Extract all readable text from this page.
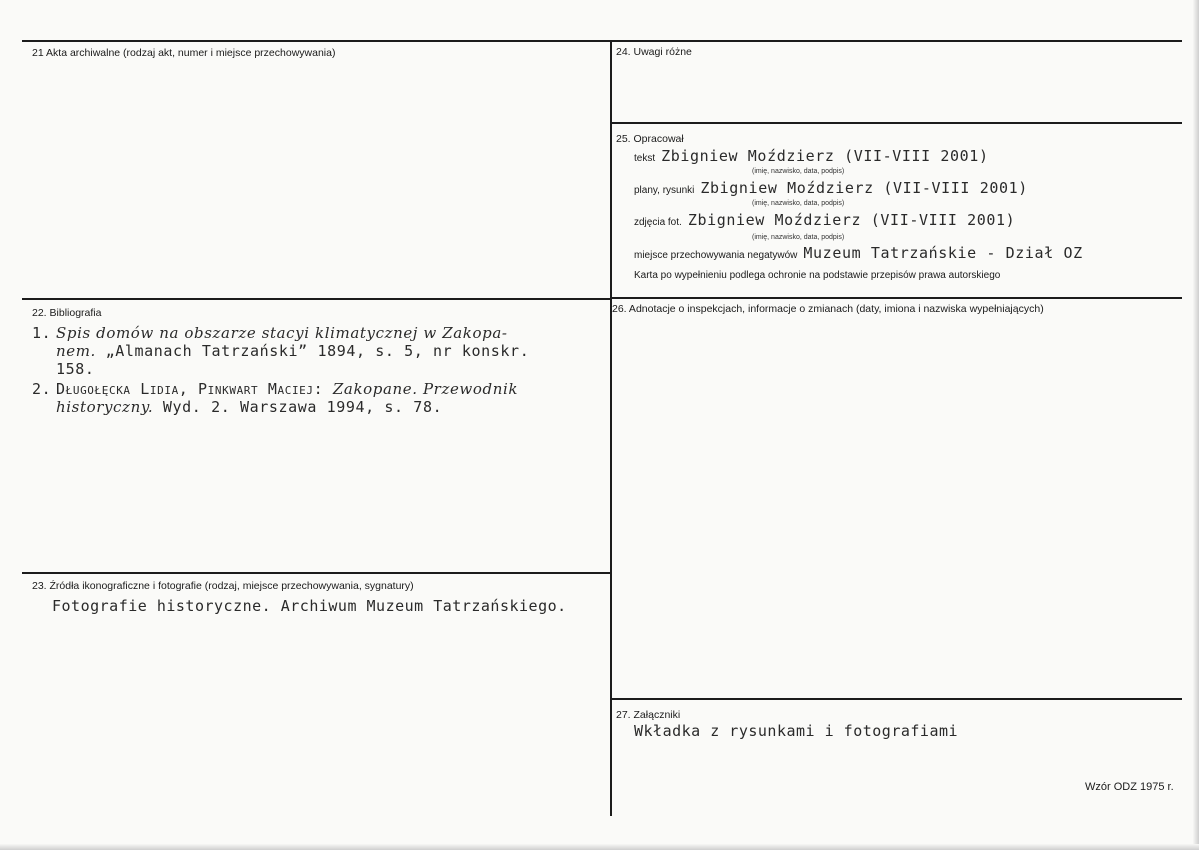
21 Akta archiwalne (rodzaj akt, numer i miejsce przechowywania)
22. Bibliografia
1. Spis domów na obszarze stacyi klimatycznej w Zakopa-
nem. „Almanach Tatrzański” 1894, s. 5, nr konskr.
158.
2. Długołęcka Lidia, Pinkwart Maciej: Zakopane. Przewodnik
historyczny. Wyd. 2. Warszawa 1994, s. 78.
23. Źródła ikonograficzne i fotografie (rodzaj, miejsce przechowywania, sygnatury)
Fotografie historyczne. Archiwum Muzeum Tatrzańskiego.
24. Uwagi różne
25. Opracował
tekst Zbigniew Moździerz (VII-VIII 2001)
(imię, nazwisko, data, podpis)
plany, rysunki Zbigniew Moździerz (VII-VIII 2001)
(imię, nazwisko, data, podpis)
zdjęcia fot. Zbigniew Moździerz (VII-VIII 2001)
(imię, nazwisko, data, podpis)
miejsce przechowywania negatywów Muzeum Tatrzańskie - Dział OZ
Karta po wypełnieniu podlega ochronie na podstawie przepisów prawa autorskiego
26. Adnotacje o inspekcjach, informacje o zmianach (daty, imiona i nazwiska wypełniających)
27. Załączniki
Wkładka z rysunkami i fotografiami
Wzór ODZ 1975 r.
